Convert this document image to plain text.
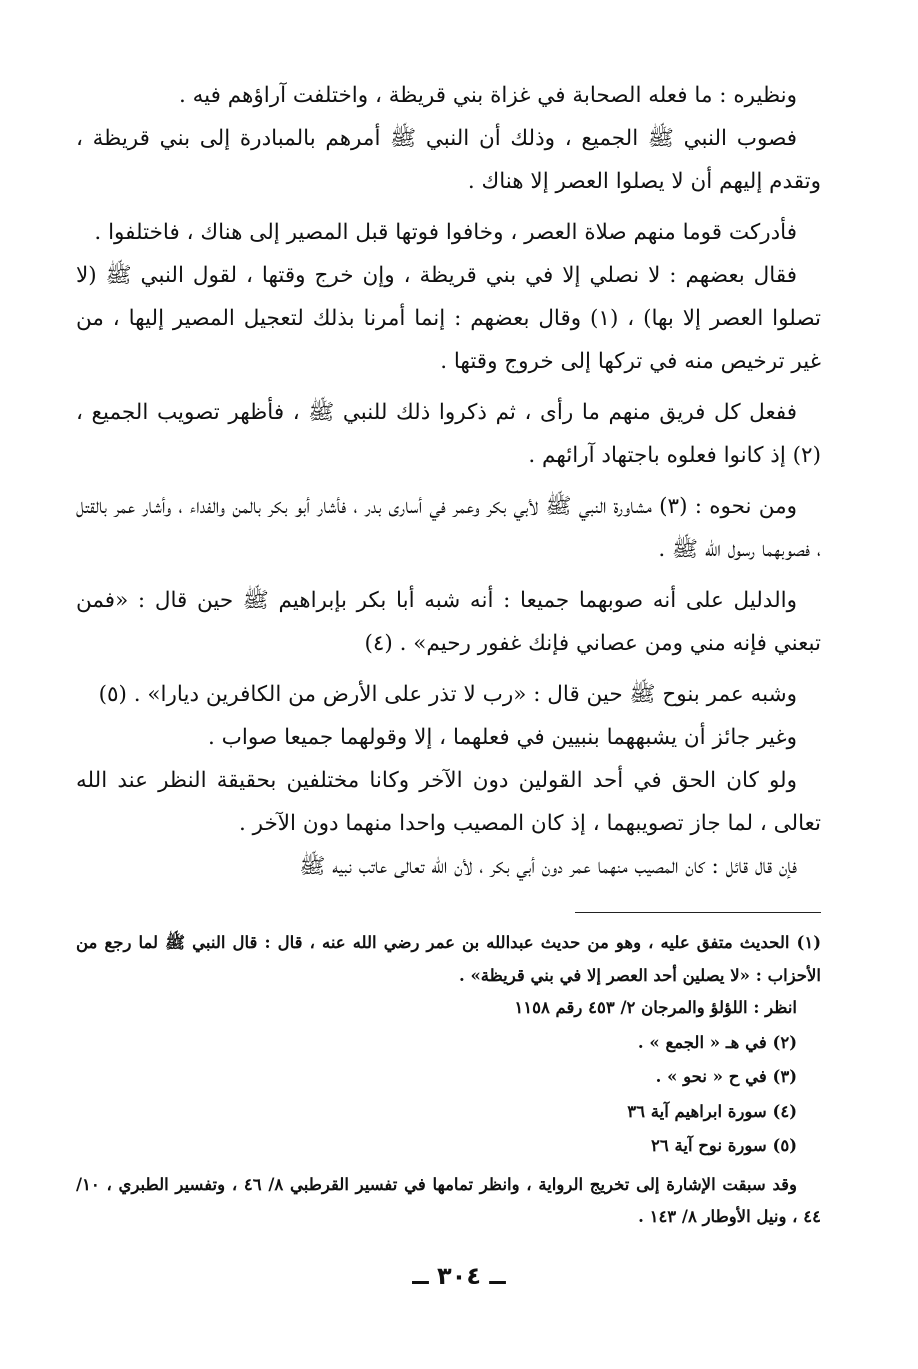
ونظيره : ما فعله الصحابة في غزاة بني قريظة ، واختلفت آراؤهم فيه .

فصوب النبي ﷺ الجميع ، وذلك أن النبي ﷺ أمرهم بالمبادرة إلى بني قريظة ، وتقدم إليهم أن لا يصلوا العصر إلا هناك .

فأدركت قوما منهم صلاة العصر ، وخافوا فوتها قبل المصير إلى هناك ، فاختلفوا .

فقال بعضهم : لا نصلي إلا في بني قريظة ، وإن خرج وقتها ، لقول النبي ﷺ (لا تصلوا العصر إلا بها) ، (١) وقال بعضهم : إنما أمرنا بذلك لتعجيل المصير إليها ، من غير ترخيص منه في تركها إلى خروج وقتها .

ففعل كل فريق منهم ما رأى ، ثم ذكروا ذلك للنبي ﷺ ، فأظهر تصويب الجميع ، (٢) إذ كانوا فعلوه باجتهاد آرائهم .

ومن نحوه : (٣) مشاورة النبي ﷺ لأبي بكر وعمر في أسارى بدر ، فأشار أبو بكر بالمن والفداء ، وأشار عمر بالقتل ، فصوبهما رسول الله ﷺ .

والدليل على أنه صوبهما جميعا : أنه شبه أبا بكر بإبراهيم ﷺ حين قال : «فمن تبعني فإنه مني ومن عصاني فإنك غفور رحيم» . (٤)

وشبه عمر بنوح ﷺ حين قال : «رب لا تذر على الأرض من الكافرين ديارا» . (٥)

وغير جائز أن يشبههما بنبيين في فعلهما ، إلا وقولهما جميعا صواب .

ولو كان الحق في أحد القولين دون الآخر وكانا مختلفين بحقيقة النظر عند الله تعالى ، لما جاز تصويبهما ، إذ كان المصيب واحدا منهما دون الآخر .

فإن قال قائل : كان المصيب منهما عمر دون أبي بكر ، لأن الله تعالى عاتب نبيه ﷺ

(١) الحديث متفق عليه ، وهو من حديث عبدالله بن عمر رضي الله عنه ، قال : قال النبي ﷺ لما رجع من الأحزاب : «لا يصلين أحد العصر إلا في بني قريظة» .

انظر : اللؤلؤ والمرجان ٢/ ٤٥٣ رقم ١١٥٨

(٢) في هـ « الجمع » .

(٣) في ح « نحو » .

(٤) سورة ابراهيم آية ٣٦

(٥) سورة نوح آية ٢٦

وقد سبقت الإشارة إلى تخريج الرواية ، وانظر تمامها في تفسير القرطبي ٨/ ٤٦ ، وتفسير الطبري ، ١٠/ ٤٤ ، ونيل الأوطار ٨/ ١٤٣ .

ــ ٣٠٤ ــ
